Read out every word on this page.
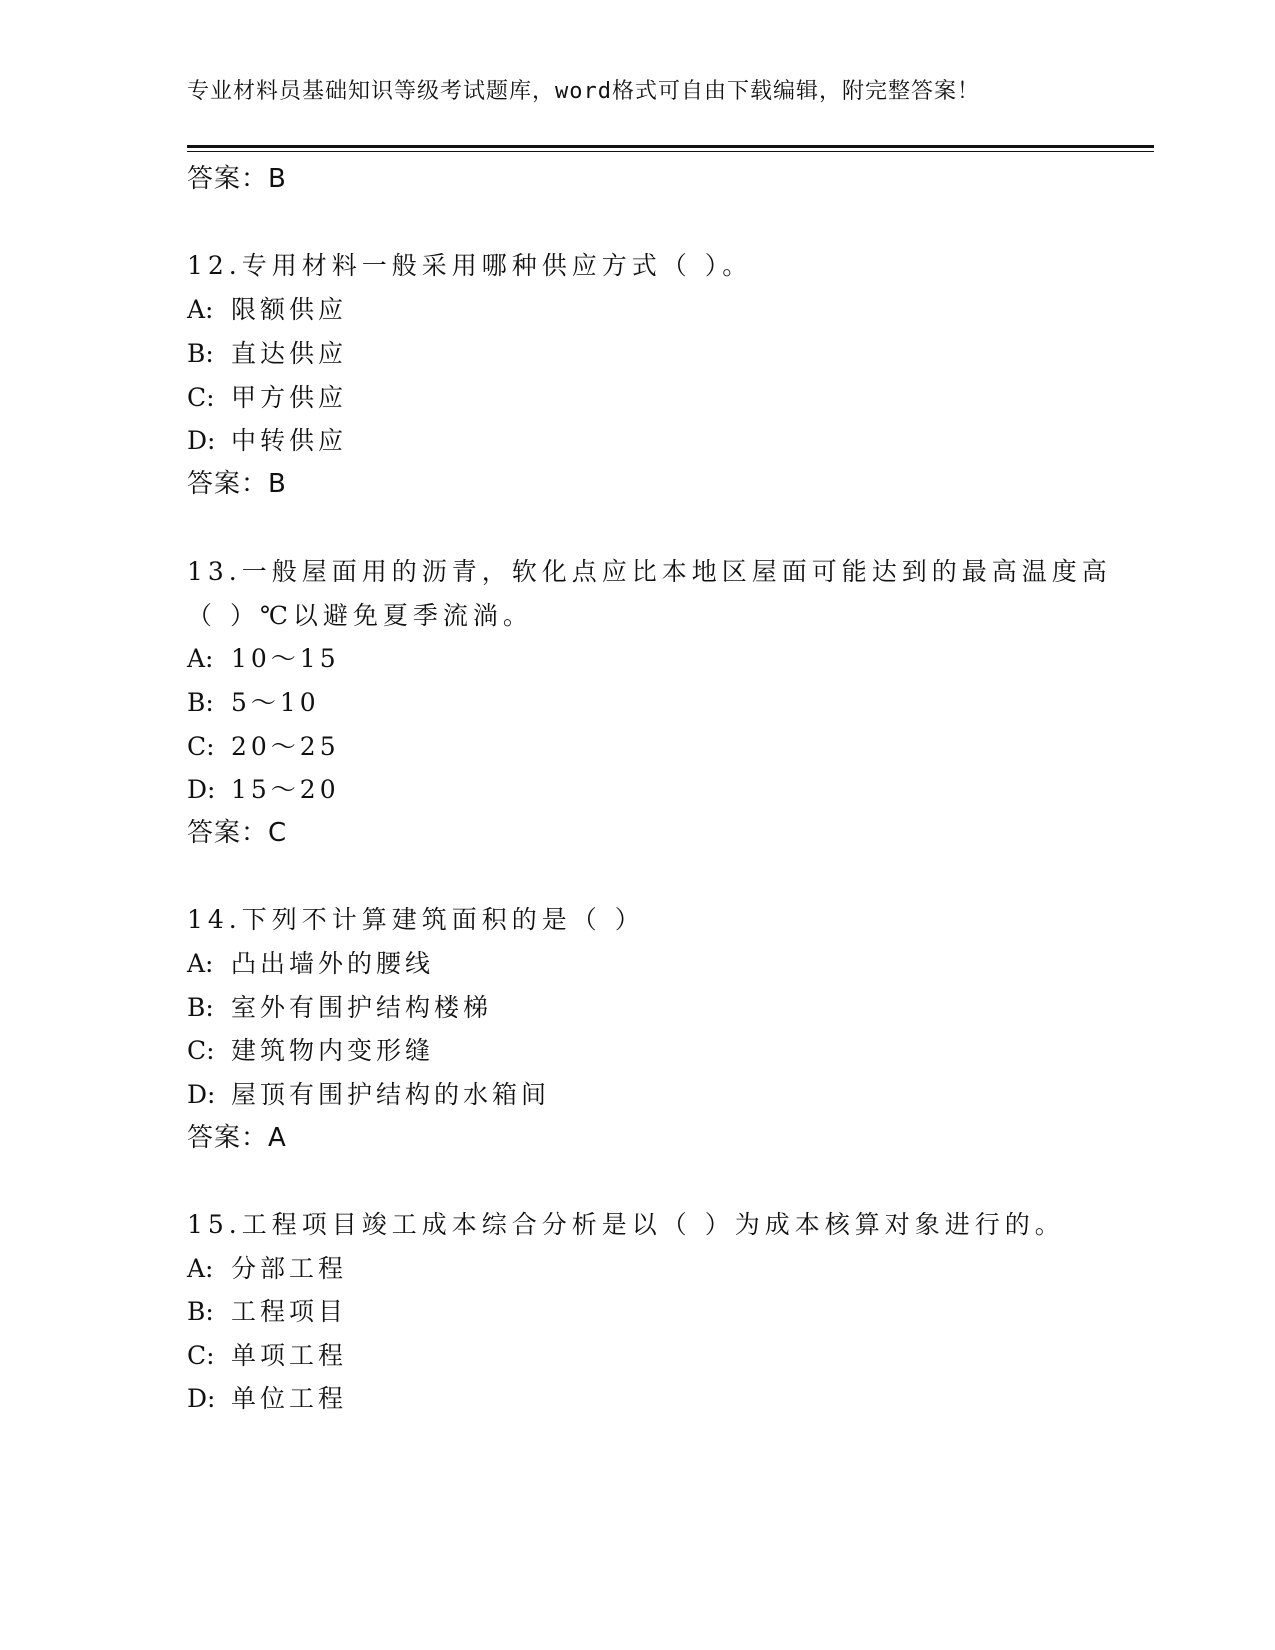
专业材料员基础知识等级考试题库，word格式可自由下载编辑，附完整答案！
答案：B
12.专用材料一般采用哪种供应方式（ ）。
A: 限额供应
B: 直达供应
C: 甲方供应
D: 中转供应
答案：B
13.一般屋面用的沥青，软化点应比本地区屋面可能达到的最高温度高
（ ）℃以避免夏季流淌。
A: 10～15
B: 5～10
C: 20～25
D: 15～20
答案：C
14.下列不计算建筑面积的是（ ）
A: 凸出墙外的腰线
B: 室外有围护结构楼梯
C: 建筑物内变形缝
D: 屋顶有围护结构的水箱间
答案：A
15.工程项目竣工成本综合分析是以（ ）为成本核算对象进行的。
A: 分部工程
B: 工程项目
C: 单项工程
D: 单位工程
